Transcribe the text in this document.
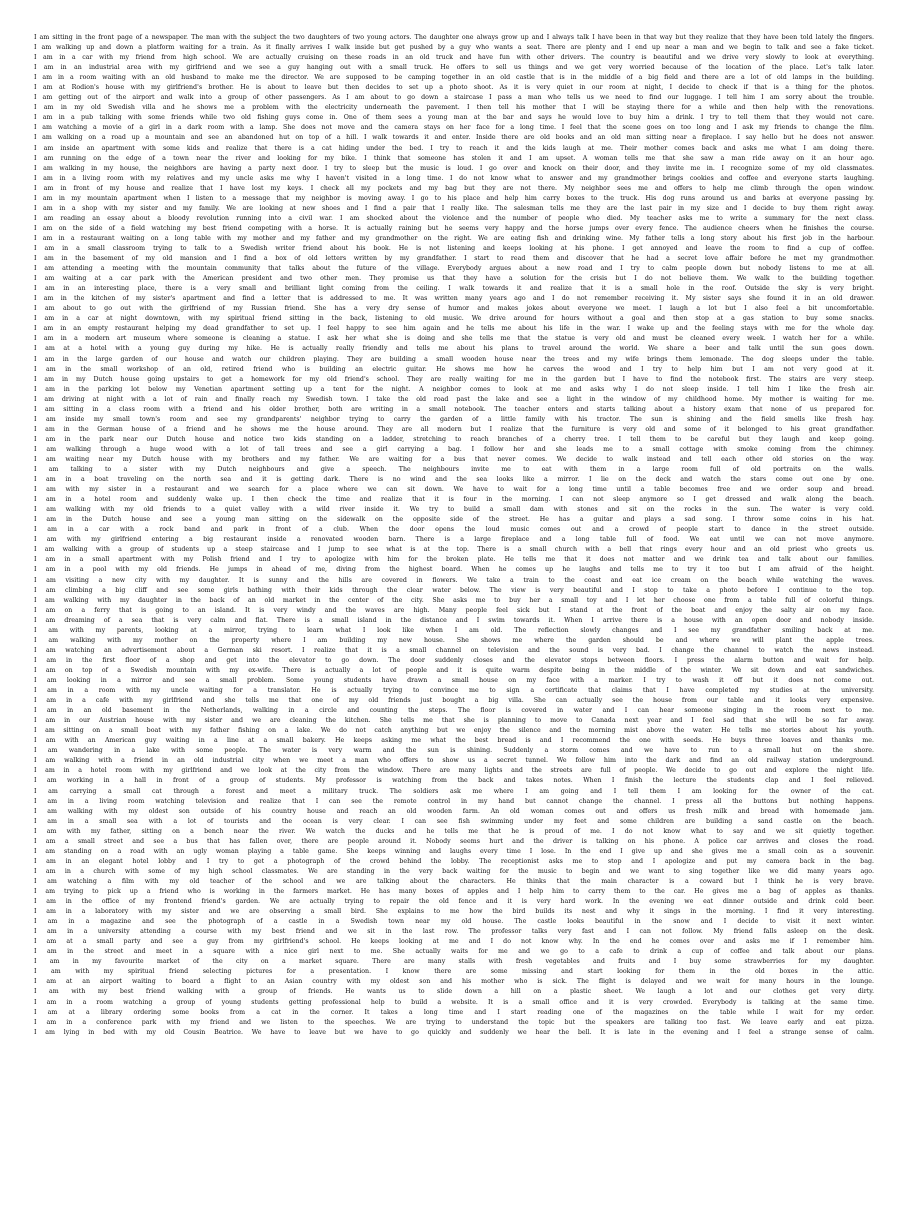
I am sitting in the front page of a newspaper. The man with the subject the two daughters of two young actors. The daughter one always grow up and I always talk I have been in that way but they realize that they have been told lately the fingers.
I am walking up and down a platform waiting for a train. As it finally arrives I walk inside but get pushed by a guy who wants a seat. There are plenty and I end up near a man and we begin to talk and see a fake ticket.
I am in a car with my friend from high school. We are actually cruising on these roads in an old truck and have fun with other drivers. The country is beautiful and we drive very slowly to look at everything.
I am in an industrial area with my girlfriend and we see a guy hanging out with a small truck. He offers to sell us things and we get very worried because of the location of the place. Let's talk later.
I am in a room waiting with an old husband to make me the director. We are supposed to be camping together in an old castle that is in the middle of a big field and there are a lot of old lamps in the building.
I am at Rodion's house with my girlfriend's brother. He is about to leave but then decides to set up a photo shoot. As it is very quiet in our room at night, I decide to check if that is a thing for the photos.
I am getting out of the airport and walk into a group of other passengers. As I am about to go down a staircase I pass a man who tells us we need to find our luggage. I tell him I am sorry about the trouble.
I am in my old Swedish villa and he shows me a problem with the electricity underneath the pavement. I then tell his mother that I will be staying there for a while and then help with the renovations.
I am in a pub talking with some friends while two old fishing guys come in. One of them sees a young man at the bar and says he would love to buy him a drink. I try to tell them that they would not care.
I am watching a movie of a girl in a dark room with a lamp. She does not move and the camera stays on her face for a long time. I feel that the scene goes on too long and I ask my friends to change the film.
I am walking on a road up a mountain and see an abandoned hut on top of a hill. I walk towards it and enter. Inside there are old books and an old man sitting near a fireplace. I say hello but he does not answer.
I am inside an apartment with some kids and realize that there is a cat hiding under the bed. I try to reach it and the kids laugh at me. Their mother comes back and asks me what I am doing there.
I am running on the edge of a town near the river and looking for my bike. I think that someone has stolen it and I am upset. A woman tells me that she saw a man ride away on it an hour ago.
I am walking in my house, the neighbors are having a party next door. I try to sleep but the music is loud. I go over and knock on their door, and they invite me in. I recognize some of my old classmates.
I am in a living room with my relatives and my uncle asks me why I haven't visited in a long time. I do not know what to answer and my grandmother brings cookies and coffee and everyone starts laughing.
I am in front of my house and realize that I have lost my keys. I check all my pockets and my bag but they are not there. My neighbor sees me and offers to help me climb through the open window.
I am in my mountain apartment when I listen to a message that my neighbor is moving away. I go to his place and help him carry boxes to the truck. His dog runs around us and barks at everyone passing by.
I am in a shop with my sister and my family. We are looking at new shoes and I find a pair that I really like. The salesman tells me they are the last pair in my size and I decide to buy them right away.
I am reading an essay about a bloody revolution running into a civil war. I am shocked about the violence and the number of people who died. My teacher asks me to write a summary for the next class.
I am on the side of a field watching my best friend competing with a horse. It is actually raining but he seems very happy and the horse jumps over every fence. The audience cheers when he finishes the course.
I am in a restaurant waiting on a long table with my mother and my father and my grandmother on the right. We are eating fish and drinking wine. My father tells a long story about his first job in the harbour.
I am in a small classroom trying to talk to a Swedish writer friend about his book. He is not listening and keeps looking at his phone. I get annoyed and leave the room to find a cup of coffee.
I am in the basement of my old mansion and I find a box of old letters written by my grandfather. I start to read them and discover that he had a secret love affair before he met my grandmother.
I am attending a meeting with the mountain community that talks about the future of the village. Everybody argues about a new road and I try to calm people down but nobody listens to me at all.
I am waiting at a car park with the American president and two other men. They promise us that they have a solution for the crisis but I do not believe them. We walk to the building together.
I am in an interesting place, there is a very small and brilliant light coming from the ceiling. I walk towards it and realize that it is a small hole in the roof. Outside the sky is very bright.
I am in the kitchen of my sister's apartment and find a letter that is addressed to me. It was written many years ago and I do not remember receiving it. My sister says she found it in an old drawer.
I am about to go out with the girlfriend of my Russian friend. She has a very dry sense of humor and makes jokes about everyone we meet. I laugh a lot but I also feel a bit uncomfortable.
I am in a car at night downtown, with my spiritual friend sitting in the back, listening to old music. We drive around for hours without a goal and then stop at a gas station to buy some snacks.
I am in an empty restaurant helping my dead grandfather to set up. I feel happy to see him again and he tells me about his life in the war. I wake up and the feeling stays with me for the whole day.
I am in a modern art museum where someone is cleaning a statue. I ask her what she is doing and she tells me that the statue is very old and must be cleaned every week. I watch her for a while.
I am at a hotel with a young guy during my hike. He is actually really friendly and tells me about his plans to travel around the world. We share a beer and talk until the sun goes down.
I am in the large garden of our house and watch our children playing. They are building a small wooden house near the trees and my wife brings them lemonade. The dog sleeps under the table.
I am in the small workshop of an old, retired friend who is building an electric guitar. He shows me how he carves the wood and I try to help him but I am not very good at it.
I am in my Dutch house going upstairs to get a homework for my old friend's school. They are really waiting for me in the garden but I have to find the notebook first. The stairs are very steep.
I am in the parking lot below my Venetian apartment setting up a tent for the night. A neighbor comes to look at me and asks why I do not sleep inside. I tell him I like the fresh air.
I am driving at night with a lot of rain and finally reach my Swedish town. I take the old road past the lake and see a light in the window of my childhood home. My mother is waiting for me.
I am sitting in a class room with a friend and his older brother, both are writing in a small notebook. The teacher enters and starts talking about a history exam that none of us prepared for.
I am inside my small town's room and see my grandparents' neighbor trying to carry the garden of a little family with his tractor. The sun is shining and the field smells like fresh hay.
I am in the German house of a friend and he shows me the house around. They are all modern but I realize that the furniture is very old and some of it belonged to his great grandfather.
I am in the park near our Dutch house and notice two kids standing on a ladder, stretching to reach branches of a cherry tree. I tell them to be careful but they laugh and keep going.
I am walking through a huge wood with a lot of tall trees and see a girl carrying a bag. I follow her and she leads me to a small cottage with smoke coming from the chimney.
I am waiting near my Dutch house with my brothers and my father. We are waiting for a bus that never comes. We decide to walk instead and tell each other old stories on the way.
I am talking to a sister with my Dutch neighbours and give a speech. The neighbours invite me to eat with them in a large room full of old portraits on the walls.
I am in a boat traveling on the north sea and it is getting dark. There is no wind and the sea looks like a mirror. I lie on the deck and watch the stars come out one by one.
I am with my sister in a restaurant and we search for a place where we can sit down. We have to wait for a long time until a table becomes free and we order soup and bread.
I am in a hotel room and suddenly wake up. I then check the time and realize that it is four in the morning. I can not sleep anymore so I get dressed and walk along the beach.
I am walking with my old friends to a quiet valley with a wild river inside it. We try to build a small dam with stones and sit on the rocks in the sun. The water is very cold.
I am in the Dutch house and see a young man sitting on the sidewalk on the opposite side of the street. He has a guitar and plays a sad song. I throw some coins in his hat.
I am in a car with a rock band and park in front of a club. When the door opens the loud music comes out and a crowd of people start to dance in the street outside.
I am with my girlfriend entering a big restaurant inside a renovated wooden barn. There is a large fireplace and a long table full of food. We eat until we can not move anymore.
I am walking with a group of students up a steep staircase and I jump to see what is at the top. There is a small church with a bell that rings every hour and an old priest who greets us.
I am in a small apartment with my Polish friend and I try to apologize with him for the broken plate. He tells me that it does not matter and we drink tea and talk about our families.
I am in a pool with my old friends. He jumps in ahead of me, diving from the highest board. When he comes up he laughs and tells me to try it too but I am afraid of the height.
I am visiting a new city with my daughter. It is sunny and the hills are covered in flowers. We take a train to the coast and eat ice cream on the beach while watching the waves.
I am climbing a big cliff and see some girls bathing with their kids through the clear water below. The view is very beautiful and I stop to take a photo before I continue to the top.
I am walking with my daughter in the back of an old market in the center of the city. She asks me to buy her a small toy and I let her choose one from a table full of colorful things.
I am on a ferry that is going to an island. It is very windy and the waves are high. Many people feel sick but I stand at the front of the boat and enjoy the salty air on my face.
I am dreaming of a sea that is very calm and flat. There is a small island in the distance and I swim towards it. When I arrive there is a house with an open door and nobody inside.
I am with my parents, looking at a mirror, trying to learn what I look like when I am old. The reflection slowly changes and I see my grandfather smiling back at me.
I am walking with my mother on the property where I am building my new house. She shows me where the garden should be and where we will plant the apple trees.
I am watching an advertisement about a German ski resort. I realize that it is a small channel on television and the sound is very bad. I change the channel to watch the news instead.
I am in the first floor of a shop and get into the elevator to go down. The door suddenly closes and the elevator stops between floors. I press the alarm button and wait for help.
I am on top of a Swedish mountain with my ex-wife. There is actually a lot of people and it is quite warm despite being in the middle of the winter. We sit down and eat sandwiches.
I am looking in a mirror and see a small problem. Some young students have drawn a small house on my face with a marker. I try to wash it off but it does not come out.
I am in a room with my uncle waiting for a translator. He is actually trying to convince me to sign a certificate that claims that I have completed my studies at the university.
I am in a cafe with my girlfriend and she tells me that one of my old friends just bought a big villa. She can actually see the house from our table and it looks very expensive.
I am in an old basement in the Netherlands, walking in a circle and counting the steps. The floor is covered in water and I can hear someone singing in the room next to me.
I am in our Austrian house with my sister and we are cleaning the kitchen. She tells me that she is planning to move to Canada next year and I feel sad that she will be so far away.
I am sitting on a small boat with my father fishing on a lake. We do not catch anything but we enjoy the silence and the morning mist above the water. He tells me stories about his youth.
I am with an American guy waiting in a line at a small bakery. He keeps asking me what the best bread is and I recommend the one with seeds. He buys three loaves and thanks me.
I am wandering in a lake with some people. The water is very warm and the sun is shining. Suddenly a storm comes and we have to run to a small hut on the shore.
I am walking with a friend in an old industrial city when we meet a man who offers to show us a secret tunnel. We follow him into the dark and find an old railway station underground.
I am in a hotel room with my girlfriend and we look at the city from the window. There are many lights and the streets are full of people. We decide to go out and explore the night life.
I am working in a hall in front of a group of students. My professor is watching from the back and takes notes. When I finish the lecture the students clap and I feel relieved.
I am carrying a small cat through a forest and meet a military truck. The soldiers ask me where I am going and I tell them I am looking for the owner of the cat.
I am in a living room watching television and realize that I can see the remote control in my hand but cannot change the channel. I press all the buttons but nothing happens.
I am walking with my oldest son outside of his country house and reach an old wooden farm. An old woman comes out and offers us fresh milk and bread with homemade jam.
I am in a small sea with a lot of tourists and the ocean is very clear. I can see fish swimming under my feet and some children are building a sand castle on the beach.
I am with my father, sitting on a bench near the river. We watch the ducks and he tells me that he is proud of me. I do not know what to say and we sit quietly together.
I am a small street and see a bus that has fallen over, there are people around it. Nobody seems hurt and the driver is talking on his phone. A police car arrives and closes the road.
I am standing on a road with an ugly woman playing a table game. She keeps winning and laughs every time I lose. In the end I give up and she gives me a small coin as a souvenir.
I am in an elegant hotel lobby and I try to get a photograph of the crowd behind the lobby. The receptionist asks me to stop and I apologize and put my camera back in the bag.
I am in a church with some of my high school classmates. We are standing in the very back waiting for the music to begin and we want to sing together like we did many years ago.
I am watching a film with my old teacher of the school and we are talking about the characters. He thinks that the main character is a coward but I think he is very brave.
I am trying to pick up a friend who is working in the farmers market. He has many boxes of apples and I help him to carry them to the car. He gives me a bag of apples as thanks.
I am in the office of my frontend friend's garden. We are actually trying to repair the old fence and it is very hard work. In the evening we eat dinner outside and drink cold beer.
I am in a laboratory with my sister and we are observing a small bird. She explains to me how the bird builds its nest and why it sings in the morning. I find it very interesting.
I am in a magazine and see the photograph of a castle in a Swedish town near my old house. The castle looks beautiful in the snow and I decide to visit it next winter.
I am in a university attending a course with my best friend and we sit in the last row. The professor talks very fast and I can not follow. My friend falls asleep on the desk.
I am at a small party and see a guy from my girlfriend's school. He keeps looking at me and I do not know why. In the end he comes over and asks me if I remember him.
I am in the street and meet in a square with a nice girl next to me. She actually waits for me and we go to a cafe to drink a cup of coffee and talk about our plans.
I am in my favourite market of the city on a market square. There are many stalls with fresh vegetables and fruits and I buy some strawberries for my daughter.
I am with my spiritual friend selecting pictures for a presentation. I know there are some missing and start looking for them in the old boxes in the attic.
I am at an airport waiting to board a flight to an Asian country with my oldest son and his mother who is sick. The flight is delayed and we wait for many hours in the lounge.
I am with my best friend walking with a group of friends. He wants us to slide down a hill on a plastic sheet. We laugh a lot and our clothes get very dirty.
I am in a room watching a group of young students getting professional help to build a website. It is a small office and it is very crowded. Everybody is talking at the same time.
I am at a library ordering some books from a cat in the corner. It takes a long time and I start reading one of the magazines on the table while I wait for my order.
I am in a conference park with my friend and we listen to the speeches. We are trying to understand the topic but the speakers are talking too fast. We leave early and eat pizza.
I am lying in bed with my old Cousin Beatrice. We have to leave but we have to go quickly and suddenly we hear the bell. It is late in the evening and I feel a strange sense of calm.
